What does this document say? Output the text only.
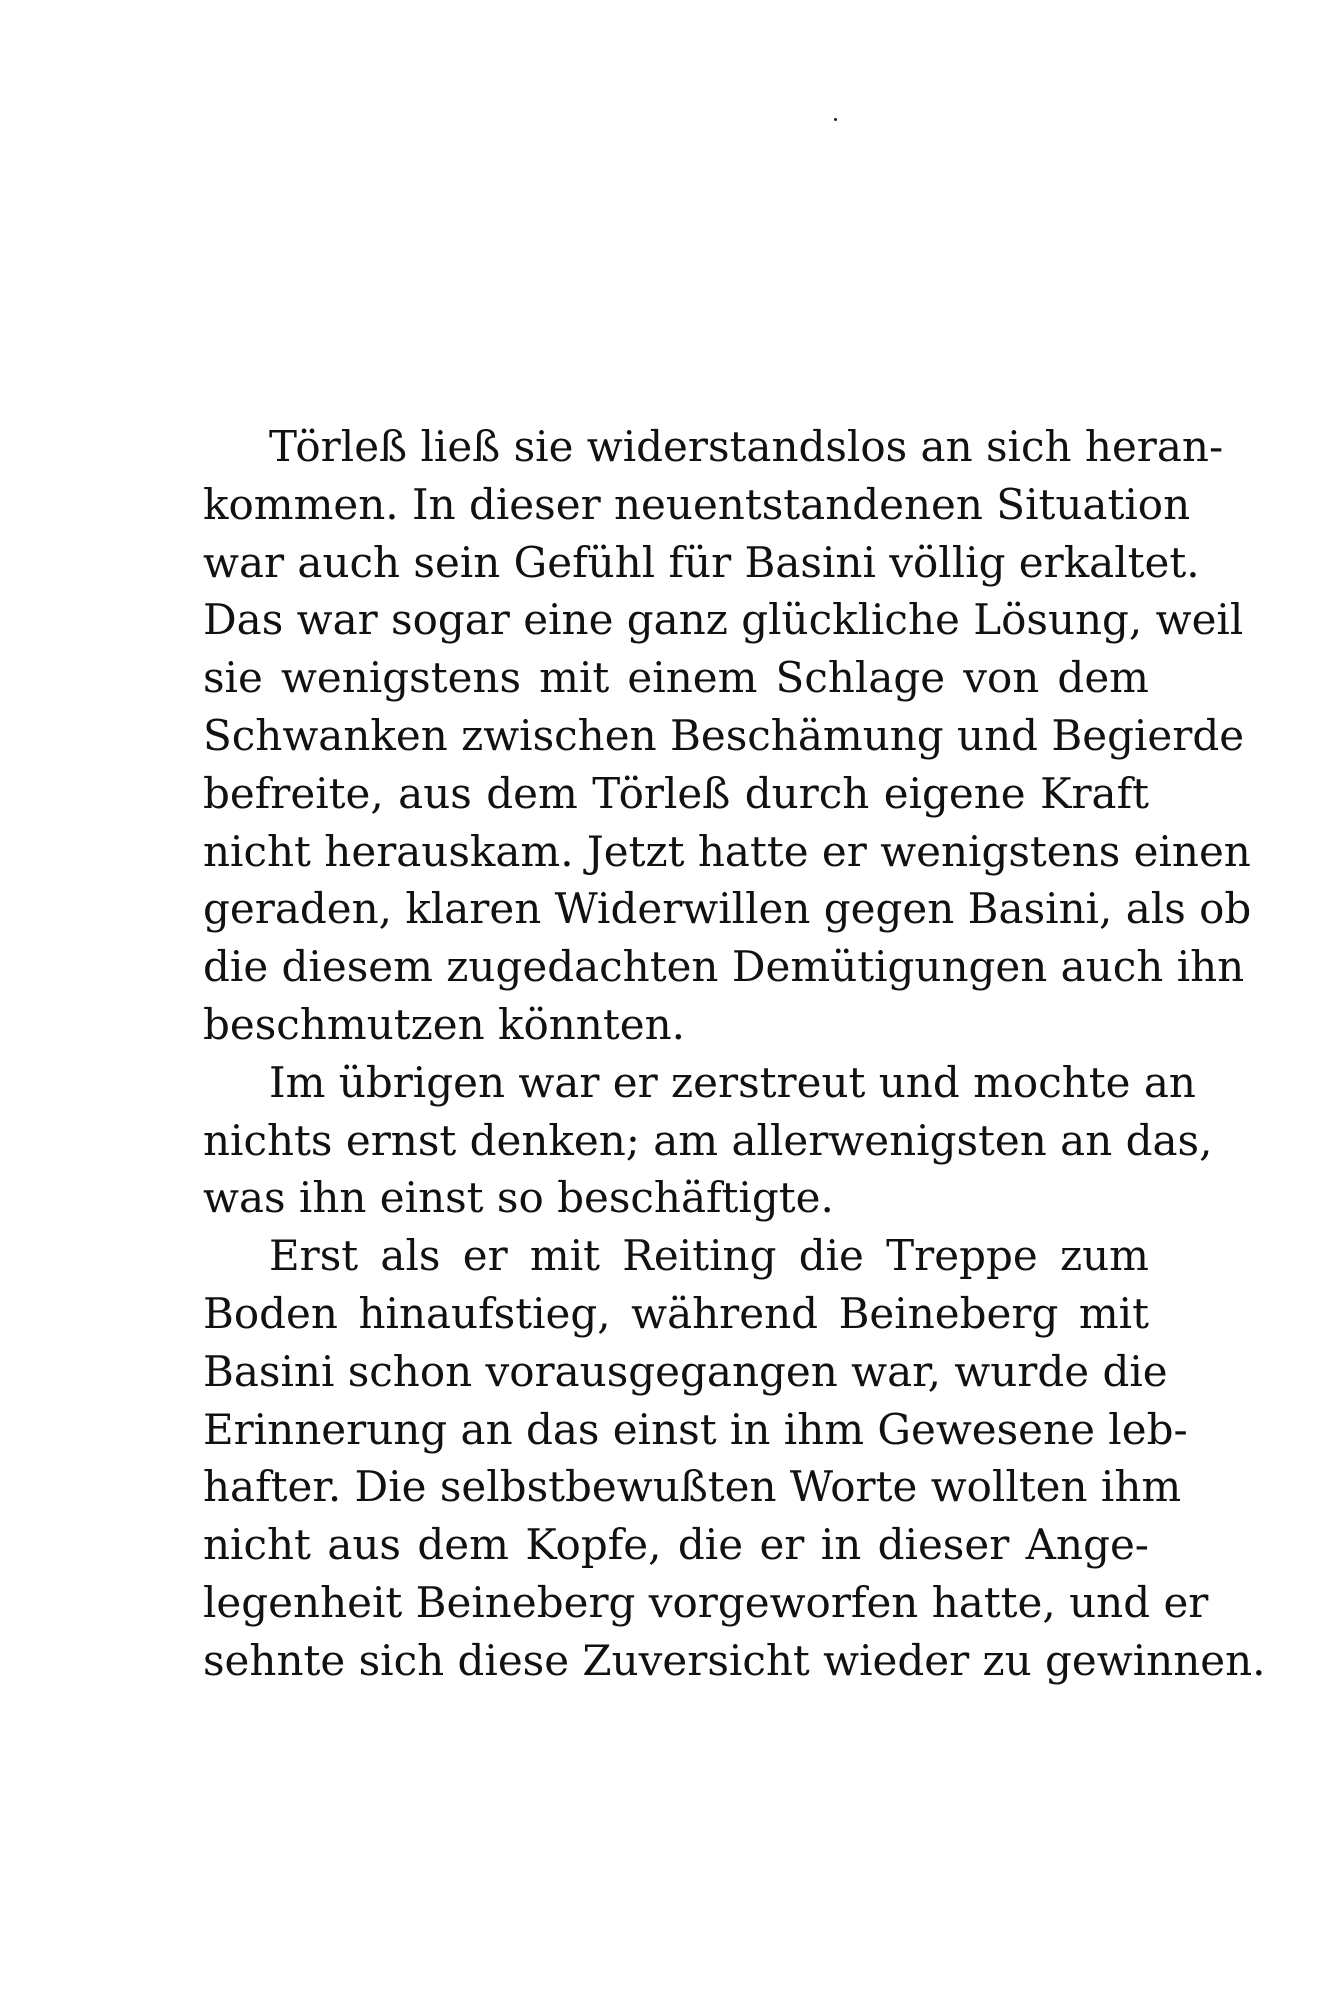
Törleß ließ sie widerstandslos an sich heran-
kommen. In dieser neuentstandenen Situation
war auch sein Gefühl für Basini völlig erkaltet.
Das war sogar eine ganz glückliche Lösung, weil
sie wenigstens mit einem Schlage von dem
Schwanken zwischen Beschämung und Begierde
befreite, aus dem Törleß durch eigene Kraft
nicht herauskam. Jetzt hatte er wenigstens einen
geraden, klaren Widerwillen gegen Basini, als ob
die diesem zugedachten Demütigungen auch ihn
beschmutzen könnten.
Im übrigen war er zerstreut und mochte an
nichts ernst denken; am allerwenigsten an das,
was ihn einst so beschäftigte.
Erst als er mit Reiting die Treppe zum
Boden hinaufstieg, während Beineberg mit
Basini schon vorausgegangen war, wurde die
Erinnerung an das einst in ihm Gewesene leb-
hafter. Die selbstbewußten Worte wollten ihm
nicht aus dem Kopfe, die er in dieser Ange-
legenheit Beineberg vorgeworfen hatte, und er
sehnte sich diese Zuversicht wieder zu gewinnen.
